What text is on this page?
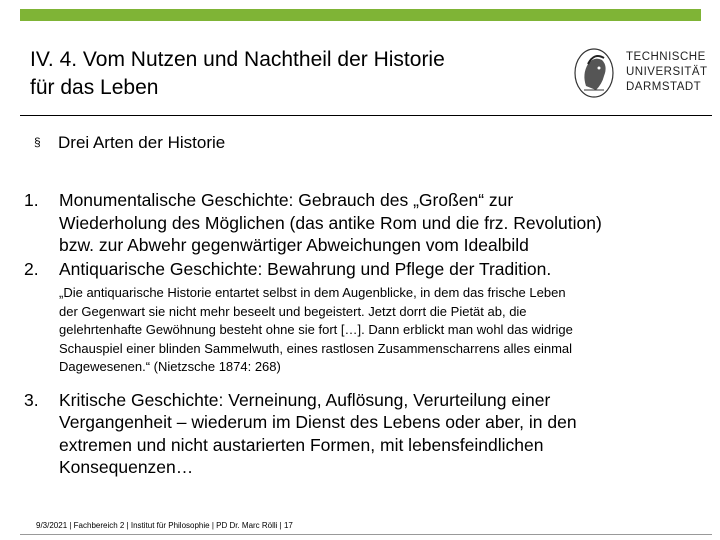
IV. 4. Vom Nutzen und Nachtheil der Historie
für das Leben
TECHNISCHE
UNIVERSITÄT
DARMSTADT
§ Drei Arten der Historie
1.	Monumentalische Geschichte: Gebrauch des „Großen“ zur
Wiederholung des Möglichen (das antike Rom und die frz. Revolution)
bzw. zur Abwehr gegenwärtiger Abweichungen vom Idealbild
2.	Antiquarische Geschichte: Bewahrung und Pflege der Tradition.
„Die antiquarische Historie entartet selbst in dem Augenblicke, in dem das frische Leben
der Gegenwart sie nicht mehr beseelt und begeistert. Jetzt dorrt die Pietät ab, die
gelehrtenhafte Gewöhnung besteht ohne sie fort […]. Dann erblickt man wohl das widrige
Schauspiel einer blinden Sammelwuth, eines rastlosen Zusammenscharrens alles einmal
Dagewesenen.“ (Nietzsche 1874: 268)
3.	Kritische Geschichte: Verneinung, Auflösung, Verurteilung einer
Vergangenheit – wiederum im Dienst des Lebens oder aber, in den
extremen und nicht austarierten Formen, mit lebensfeindlichen
Konsequenzen…
9/3/2021 | Fachbereich 2 | Institut für Philosophie | PD Dr. Marc Rölli | 17
